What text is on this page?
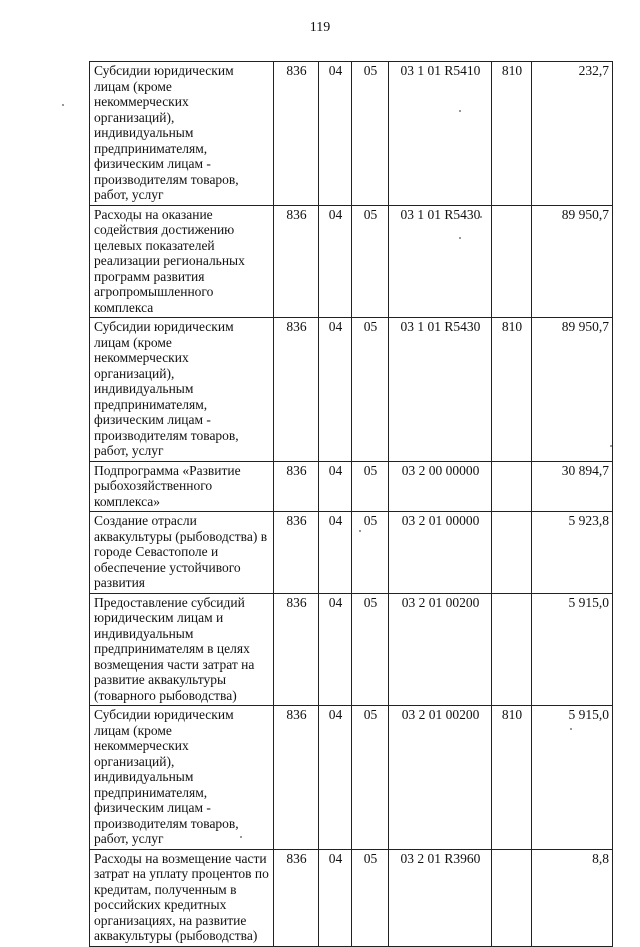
119
Субсидии юридическим лицам (кроме некоммерческих организаций), индивидуальным предпринимателям, физическим лицам - производителям товаров, работ, услуг	836	04	05	03 1 01 R5410	810	232,7
Расходы на оказание содействия достижению целевых показателей реализации региональных программ развития агропромышленного комплекса	836	04	05	03 1 01 R5430		89 950,7
Субсидии юридическим лицам (кроме некоммерческих организаций), индивидуальным предпринимателям, физическим лицам - производителям товаров, работ, услуг	836	04	05	03 1 01 R5430	810	89 950,7
Подпрограмма «Развитие рыбохозяйственного комплекса»	836	04	05	03 2 00 00000		30 894,7
Создание отрасли аквакультуры (рыбоводства) в городе Севастополе и обеспечение устойчивого развития	836	04	05	03 2 01 00000		5 923,8
Предоставление субсидий юридическим лицам и индивидуальным предпринимателям в целях возмещения части затрат на развитие аквакультуры (товарного рыбоводства)	836	04	05	03 2 01 00200		5 915,0
Субсидии юридическим лицам (кроме некоммерческих организаций), индивидуальным предпринимателям, физическим лицам - производителям товаров, работ, услуг	836	04	05	03 2 01 00200	810	5 915,0
Расходы на возмещение части затрат на уплату процентов по кредитам, полученным в российских кредитных организациях, на развитие аквакультуры (рыбоводства)	836	04	05	03 2 01 R3960		8,8
